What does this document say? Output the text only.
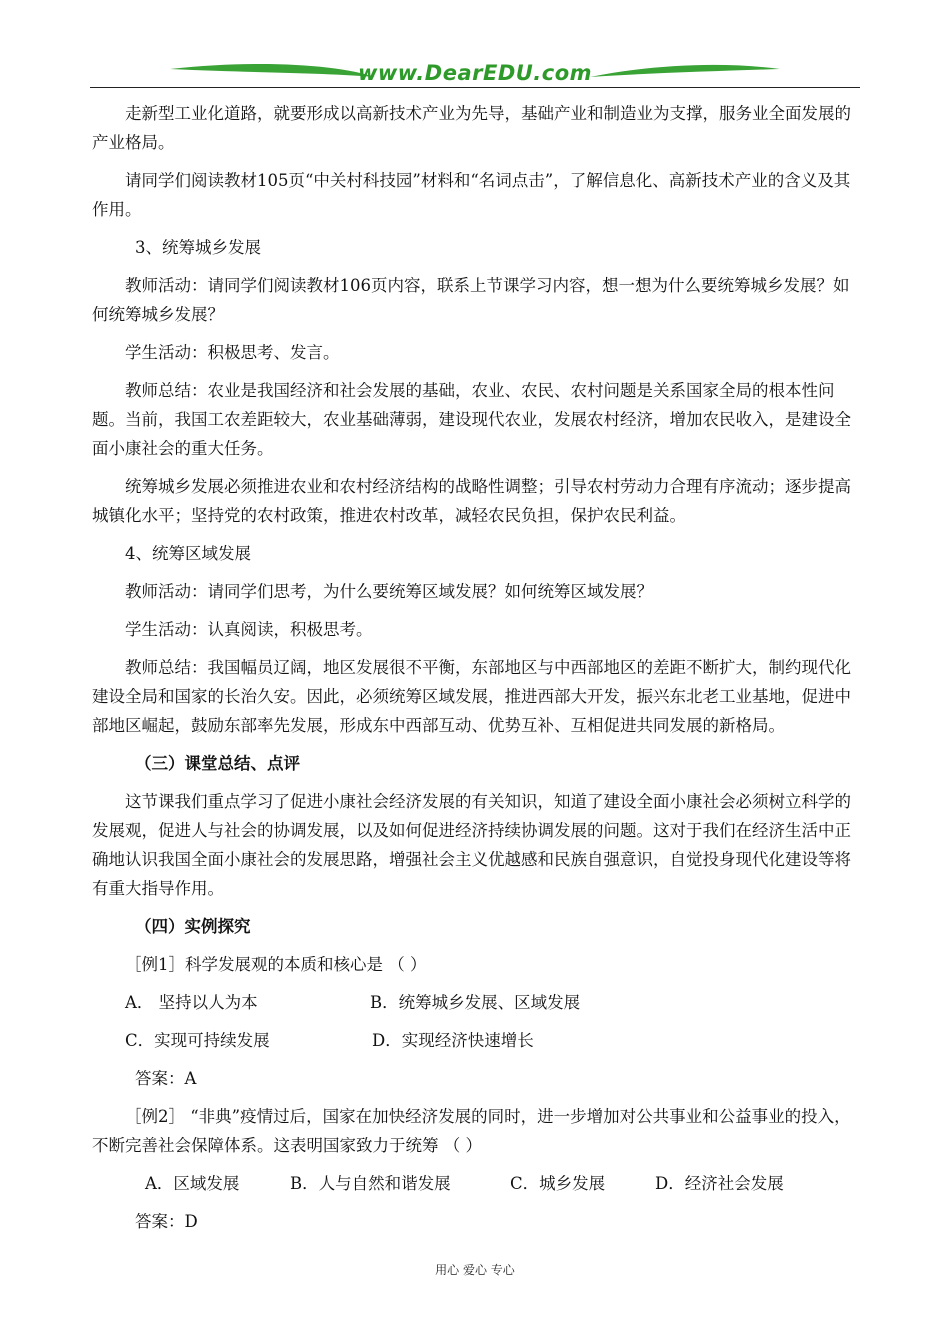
www.DearEDU.com

走新型工业化道路，就要形成以高新技术产业为先导，基础产业和制造业为支撑，服务业全面发展的产业格局。

请同学们阅读教材105页“中关村科技园”材料和“名词点击”，了解信息化、高新技术产业的含义及其作用。

3、统筹城乡发展

教师活动：请同学们阅读教材106页内容，联系上节课学习内容，想一想为什么要统筹城乡发展？如何统筹城乡发展？

学生活动：积极思考、发言。

教师总结：农业是我国经济和社会发展的基础，农业、农民、农村问题是关系国家全局的根本性问题。当前，我国工农差距较大，农业基础薄弱，建设现代农业，发展农村经济，增加农民收入，是建设全面小康社会的重大任务。

统筹城乡发展必须推进农业和农村经济结构的战略性调整；引导农村劳动力合理有序流动；逐步提高城镇化水平；坚持党的农村政策，推进农村改革，减轻农民负担，保护农民利益。

4、统筹区域发展

教师活动：请同学们思考，为什么要统筹区域发展？如何统筹区域发展？

学生活动：认真阅读，积极思考。

教师总结：我国幅员辽阔，地区发展很不平衡，东部地区与中西部地区的差距不断扩大，制约现代化建设全局和国家的长治久安。因此，必须统筹区域发展，推进西部大开发，振兴东北老工业基地，促进中部地区崛起，鼓励东部率先发展，形成东中西部互动、优势互补、互相促进共同发展的新格局。

（三）课堂总结、点评

这节课我们重点学习了促进小康社会经济发展的有关知识，知道了建设全面小康社会必须树立科学的发展观，促进人与社会的协调发展，以及如何促进经济持续协调发展的问题。这对于我们在经济生活中正确地认识我国全面小康社会的发展思路，增强社会主义优越感和民族自强意识，自觉投身现代化建设等将有重大指导作用。

（四）实例探究

［例1］科学发展观的本质和核心是 （ ）

A． 坚持以人为本	B．统筹城乡发展、区域发展
C．实现可持续发展	D．实现经济快速增长

答案：A

［例2］ “非典”疫情过后，国家在加快经济发展的同时，进一步增加对公共事业和公益事业的投入，不断完善社会保障体系。这表明国家致力于统筹 （ ）

A．区域发展	B．人与自然和谐发展	C．城乡发展	D．经济社会发展

答案：D

用心 爱心 专心
